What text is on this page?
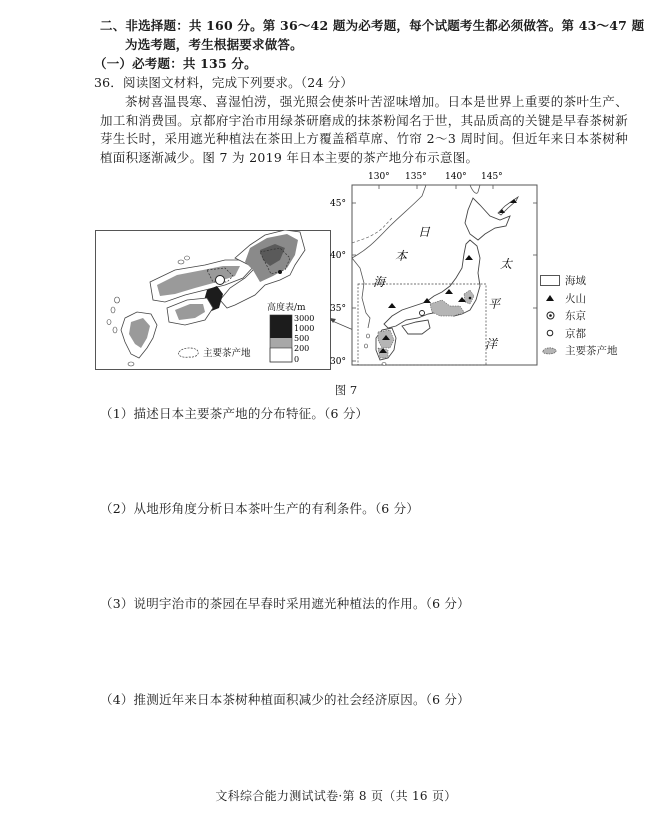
二、非选择题：共 160 分。第 36～42 题为必考题，每个试题考生都必须做答。第 43～47 题
为选考题，考生根据要求做答。
（一）必考题：共 135 分。
36．阅读图文材料，完成下列要求。（24 分）
茶树喜温畏寒、喜湿怕涝，强光照会使茶叶苦涩味增加。日本是世界上重要的茶叶生产、加工和消费国。京都府宇治市用绿茶研磨成的抹茶粉闻名于世，其品质高的关键是早春茶树新芽生长时，采用遮光种植法在茶田上方覆盖稻草席、竹帘 2～3 周时间。但近年来日本茶树种植面积逐渐减少。图 7 为 2019 年日本主要的茶产地分布示意图。
高度表/m
3000
1000
500
200
0
主要茶产地
130° 135° 140° 145°
45°
40°
35°
30°
日
本
海
太
平
洋
海域
火山
东京
京都
主要茶产地
图 7
（1）描述日本主要茶产地的分布特征。（6 分）
（2）从地形角度分析日本茶叶生产的有利条件。（6 分）
（3）说明宇治市的茶园在早春时采用遮光种植法的作用。（6 分）
（4）推测近年来日本茶树种植面积减少的社会经济原因。（6 分）
文科综合能力测试试卷·第 8 页（共 16 页）
